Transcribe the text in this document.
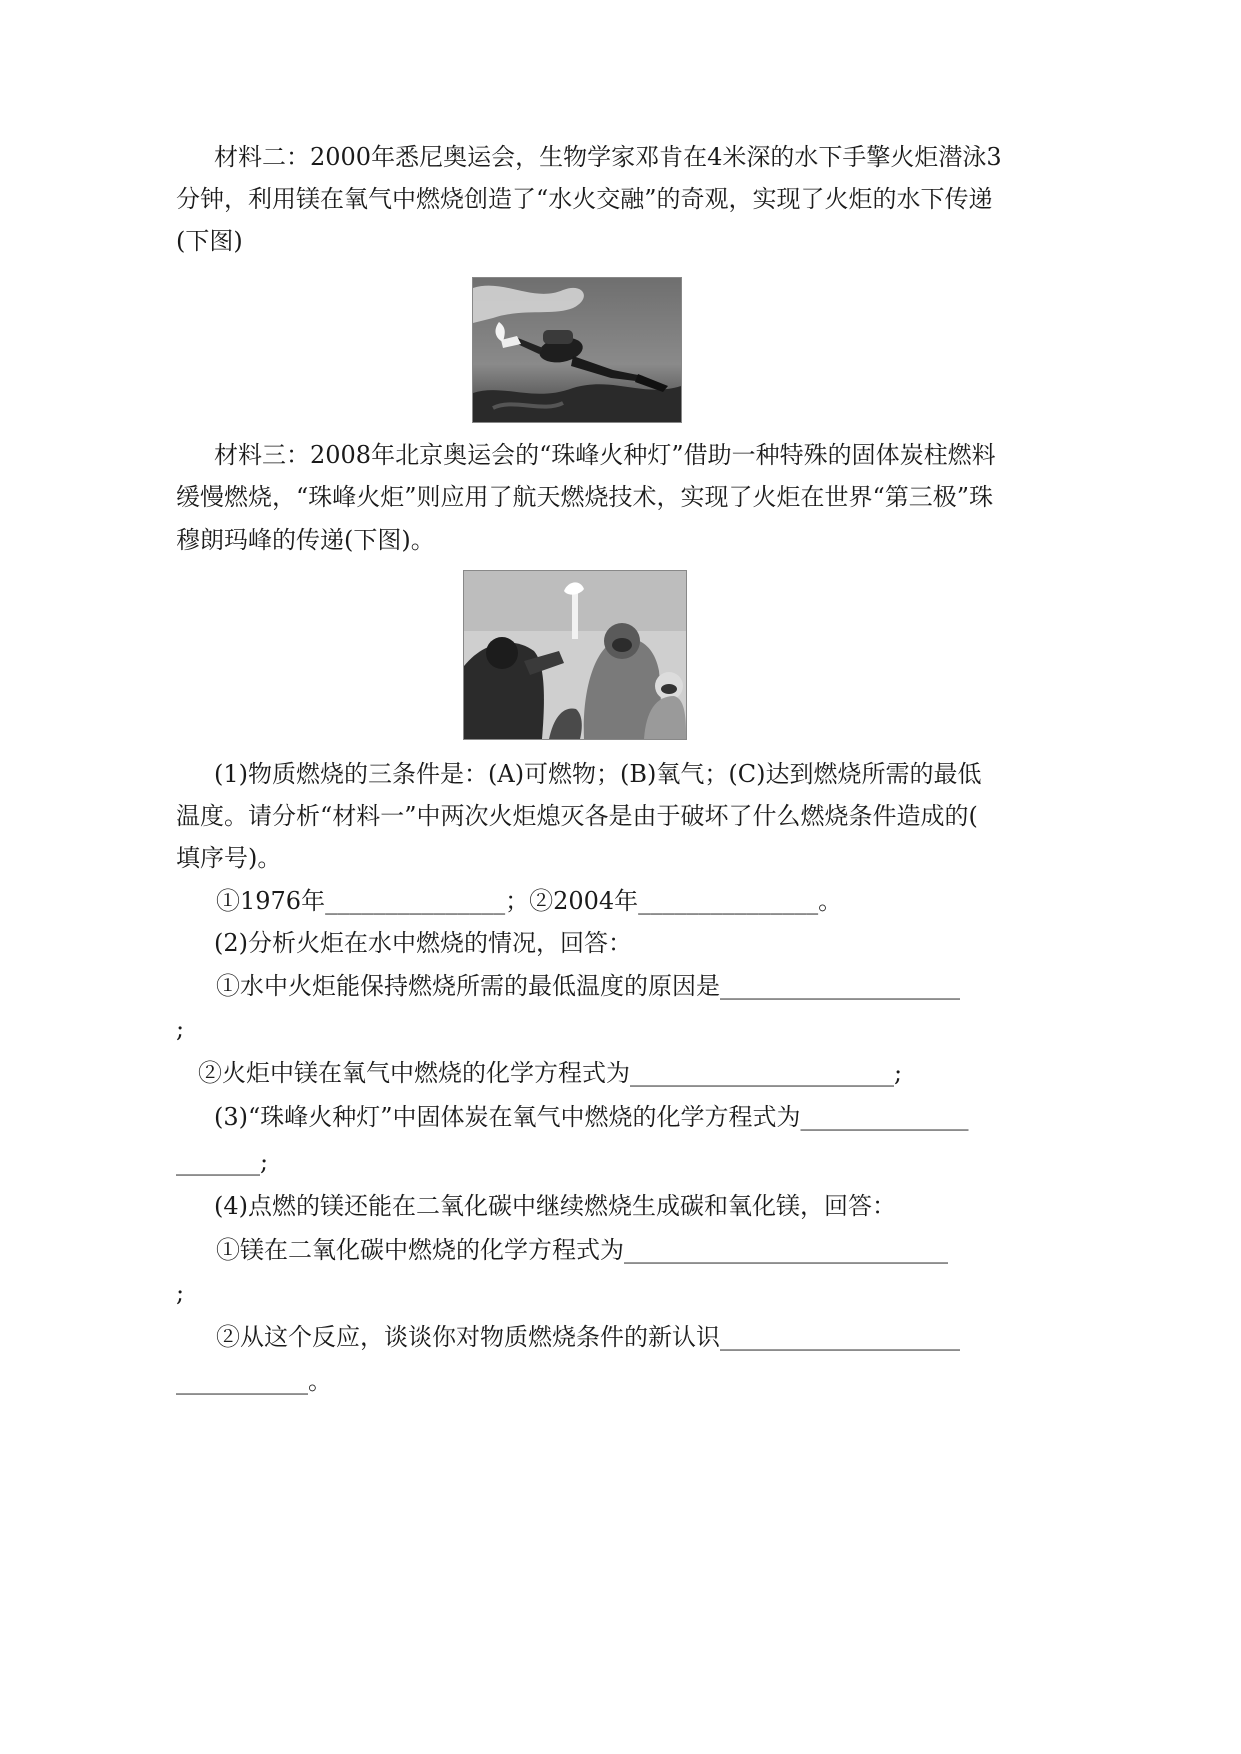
材料二：2000年悉尼奥运会，生物学家邓肯在4米深的水下手擎火炬潜泳3
分钟，利用镁在氧气中燃烧创造了“水火交融”的奇观，实现了火炬的水下传递
(下图)
材料三：2008年北京奥运会的“珠峰火种灯”借助一种特殊的固体炭柱燃料
缓慢燃烧，“珠峰火炬”则应用了航天燃烧技术，实现了火炬在世界“第三极”珠
穆朗玛峰的传递(下图)。
(1)物质燃烧的三条件是：(A)可燃物；(B)氧气；(C)达到燃烧所需的最低
温度。请分析“材料一”中两次火炬熄灭各是由于破坏了什么燃烧条件造成的(
填序号)。
①1976年_______________；②2004年_______________。
(2)分析火炬在水中燃烧的情况，回答：
①水中火炬能保持燃烧所需的最低温度的原因是____________________
;
②火炬中镁在氧气中燃烧的化学方程式为______________________;
(3)“珠峰火种灯”中固体炭在氧气中燃烧的化学方程式为______________
_______;
(4)点燃的镁还能在二氧化碳中继续燃烧生成碳和氧化镁，回答：
①镁在二氧化碳中燃烧的化学方程式为___________________________
;
②从这个反应，谈谈你对物质燃烧条件的新认识____________________
___________。
